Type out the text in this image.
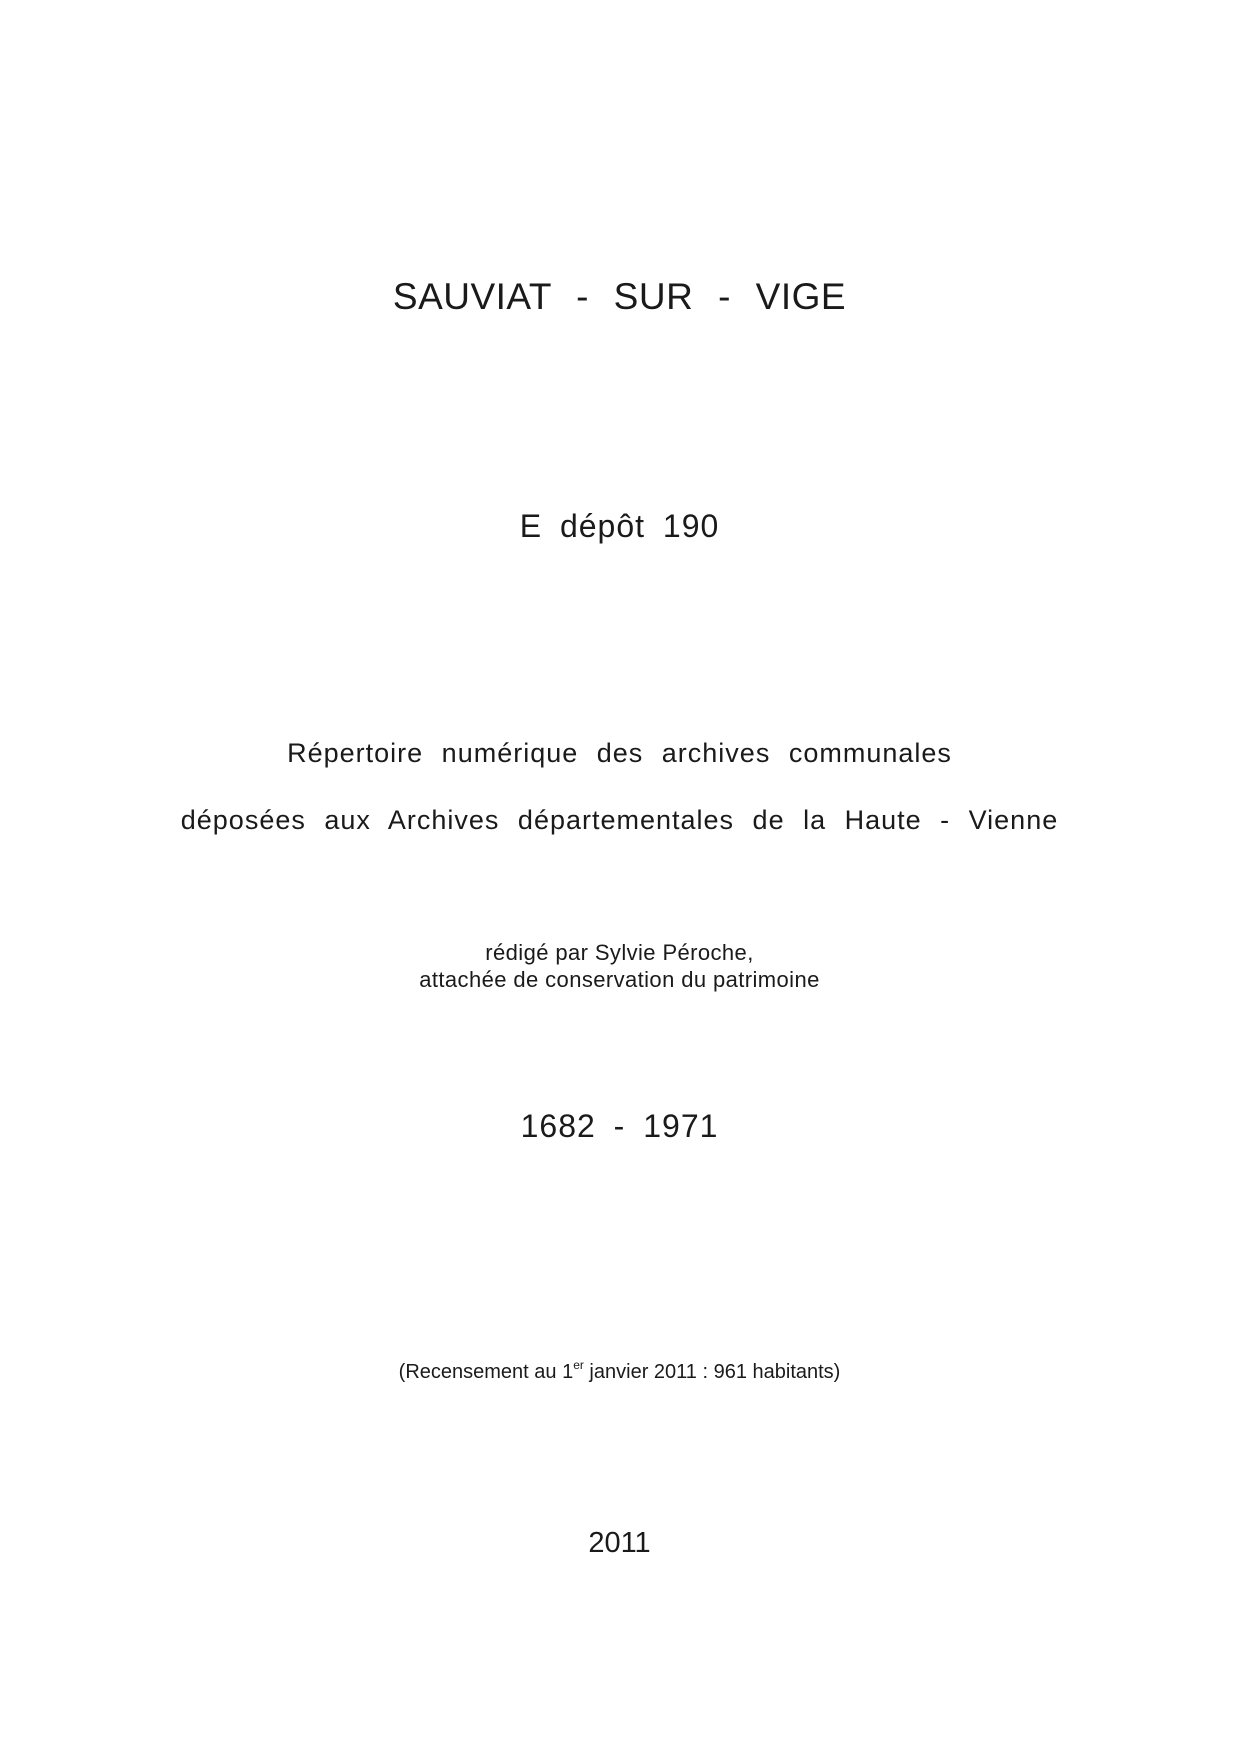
SAUVIAT - SUR - VIGE
E dépôt 190
Répertoire numérique des archives communales
déposées aux Archives départementales de la Haute - Vienne
rédigé par Sylvie Péroche,
attachée de conservation du patrimoine
1682 - 1971
(Recensement au 1er janvier 2011 : 961 habitants)
2011
